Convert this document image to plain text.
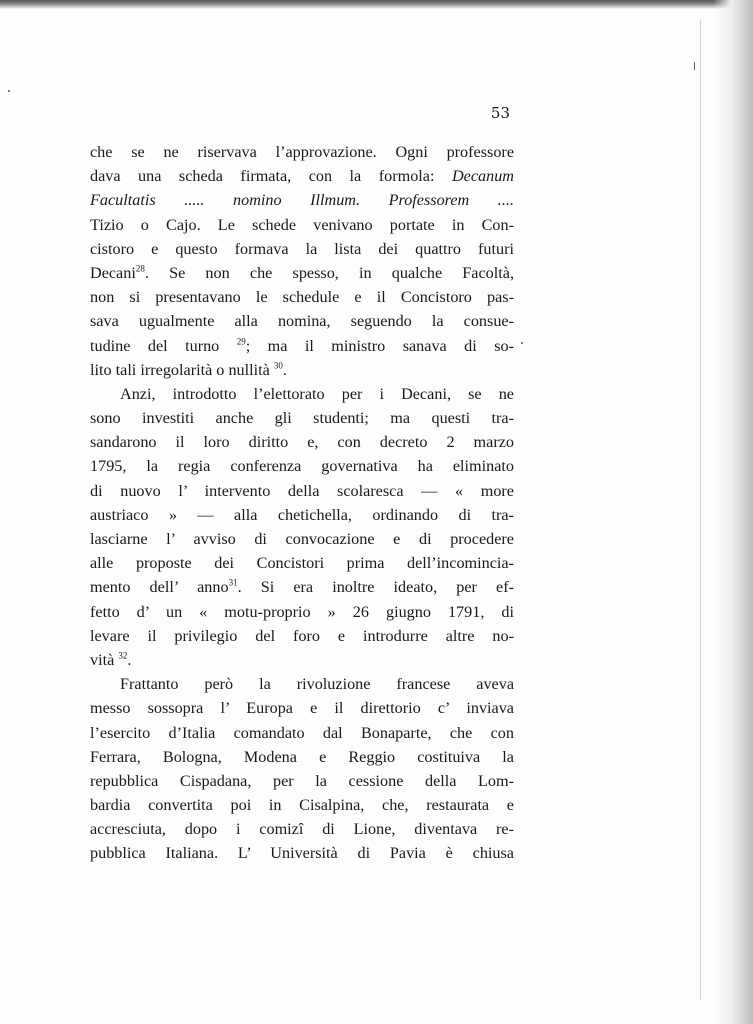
53
che se ne riservava l’approvazione. Ogni professore
dava una scheda firmata, con la formola: Decanum
Facultatis ..... nomino Illmum. Professorem ....
Tizio o Cajo. Le schede venivano portate in Con-
cistoro e questo formava la lista dei quattro futuri
Decani$^{28}$. Se non che spesso, in qualche Facoltà,
non si presentavano le schedule e il Concistoro pas-
sava ugualmente alla nomina, seguendo la consue-
tudine del turno $^{29}$; ma il ministro sanava di so-
lito tali irregolarità o nullità $^{30}$.
Anzi, introdotto l’elettorato per i Decani, se ne
sono investiti anche gli studenti; ma questi tra-
sandarono il loro diritto e, con decreto 2 marzo
1795, la regia conferenza governativa ha eliminato
di nuovo l’ intervento della scolaresca — « more
austriaco » — alla chetichella, ordinando di tra-
lasciarne l’ avviso di convocazione e di procedere
alle proposte dei Concistori prima dell’incomincia-
mento dell’ anno$^{31}$. Si era inoltre ideato, per ef-
fetto d’ un « motu-proprio » 26 giugno 1791, di
levare il privilegio del foro e introdurre altre no-
vità $^{32}$.
Frattanto però la rivoluzione francese aveva
messo sossopra l’ Europa e il direttorio c’ inviava
l’esercito d’Italia comandato dal Bonaparte, che con
Ferrara, Bologna, Modena e Reggio costituiva la
repubblica Cispadana, per la cessione della Lom-
bardia convertita poi in Cisalpina, che, restaurata e
accresciuta, dopo i comizî di Lione, diventava re-
pubblica Italiana. L’ Università di Pavia è chiusa
